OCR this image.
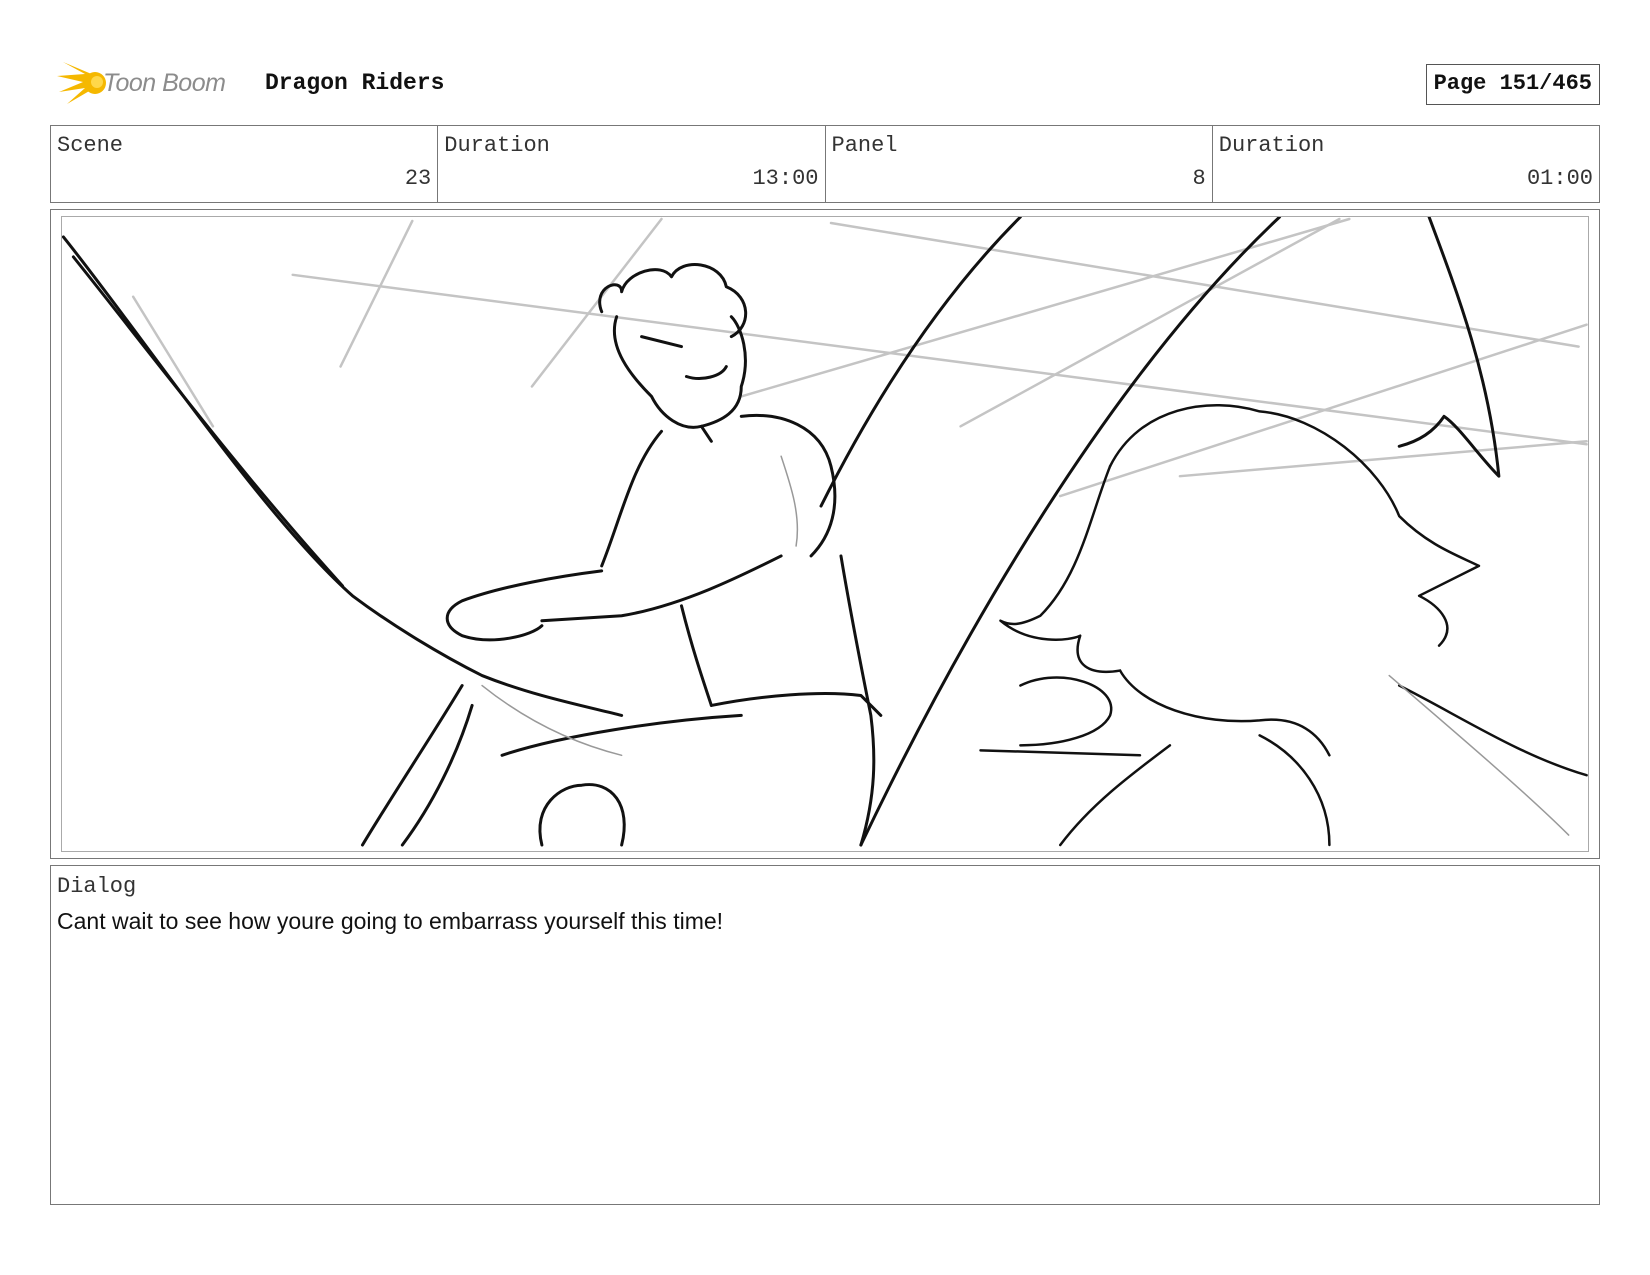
Toon Boom Dragon Riders	Page 151/465
Scene
23
Duration
13:00
Panel
8
Duration
01:00
Dialog
Cant wait to see how youre going to embarrass yourself this time!
